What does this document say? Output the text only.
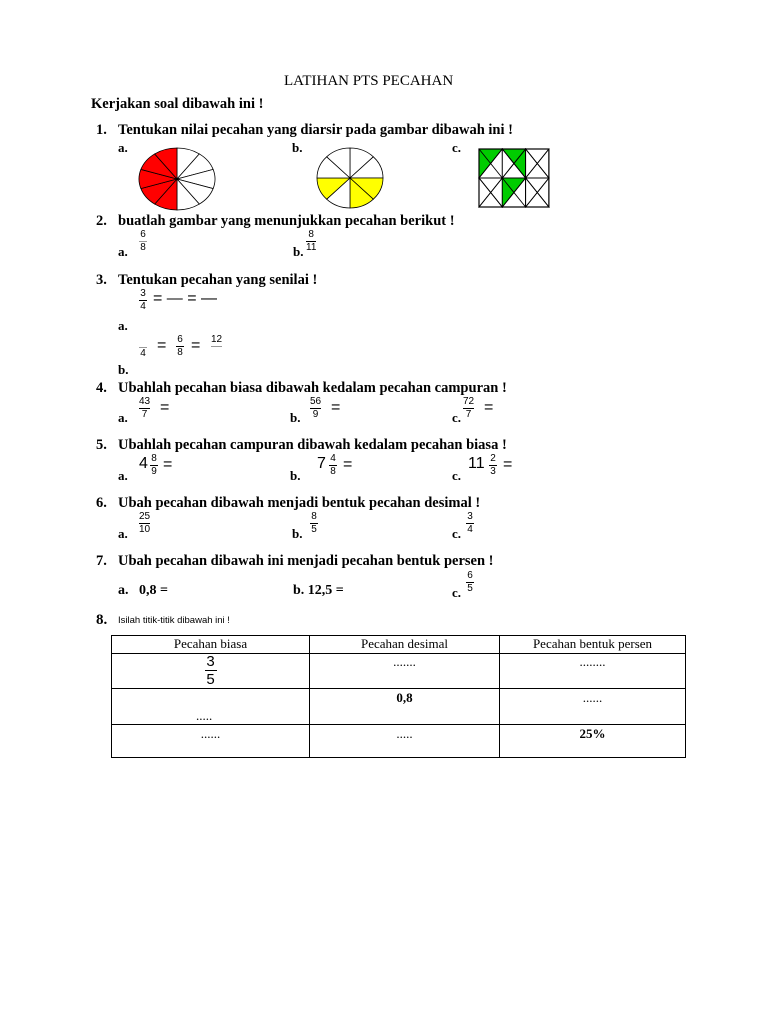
LATIHAN PTS PECAHAN
Kerjakan soal dibawah ini !
1. Tentukan nilai pecahan yang diarsir pada gambar dibawah ini !
a.	b.	c.
2. buatlah gambar yang menunjukkan pecahan berikut !
a.
6
8	b.
8
11
3. Tentukan pecahan yang senilai !
3
4 = — = —
a.

4 = 6
8 = 12

b.
4. Ubahlah pecahan biasa dibawah kedalam pecahan campuran !
a.
43
7 =
b.
56
9 =
c.
72
7 =
5. Ubahlah pecahan campuran dibawah kedalam pecahan biasa !
a.
4 8
9 =
b.
7 4
8 =
c.
11 2
3 =
6. Ubah pecahan dibawah menjadi bentuk pecahan desimal !
a.
25
10	b.
8
5	c.
3
4
7. Ubah pecahan dibawah ini menjadi pecahan bentuk persen !
a.   0,8 =	b. 12,5 =	c.
6
5
8. Isilah titik-titik dibawah ini !
Pecahan biasa	Pecahan desimal	Pecahan bentuk persen

$\frac{3}{5}$	.......	........
.....	0,8	......
......	.....	25%
